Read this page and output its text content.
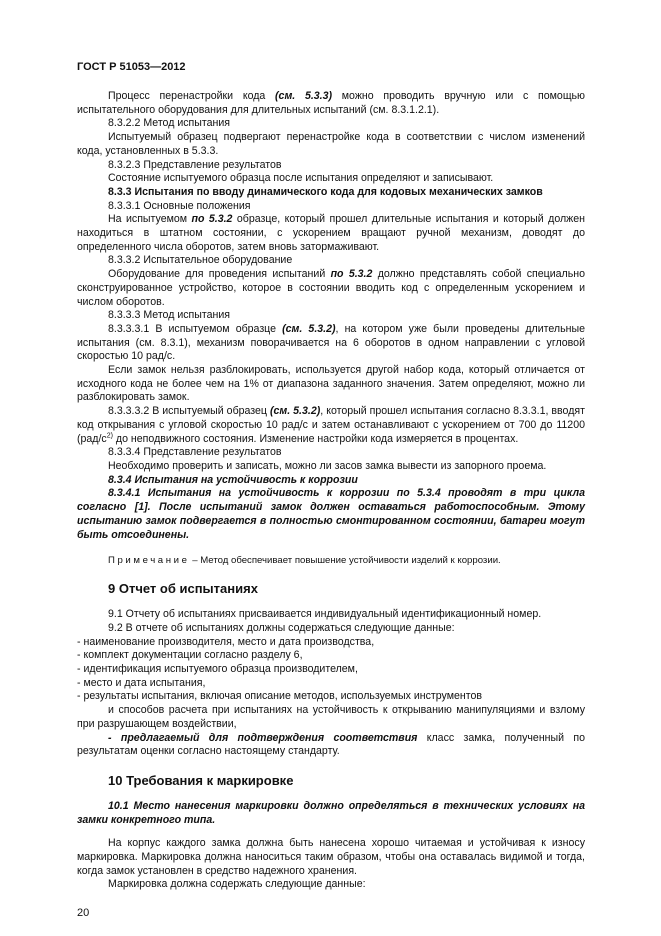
ГОСТ Р 51053—2012

Процесс перенастройки кода (см. 5.3.3) можно проводить вручную или с помощью испытательного оборудования для длительных испытаний (см. 8.3.1.2.1).

8.3.2.2 Метод испытания

Испытуемый образец подвергают перенастройке кода в соответствии с числом изменений кода, установленных в 5.3.3.

8.3.2.3 Представление результатов

Состояние испытуемого образца после испытания определяют и записывают.

8.3.3 Испытания по вводу динамического кода для кодовых механических замков

8.3.3.1 Основные положения

На испытуемом по 5.3.2 образце, который прошел длительные испытания и который должен находиться в штатном состоянии, с ускорением вращают ручной механизм, доводят до определенного числа оборотов, затем вновь затормаживают.

8.3.3.2 Испытательное оборудование

Оборудование для проведения испытаний по 5.3.2 должно представлять собой специально сконструированное устройство, которое в состоянии вводить код с определенным ускорением и числом оборотов.

8.3.3.3 Метод испытания

8.3.3.3.1 В испытуемом образце (см. 5.3.2), на котором уже были проведены длительные испытания (см. 8.3.1), механизм поворачивается на 6 оборотов в одном направлении с угловой скоростью 10 рад/с.

Если замок нельзя разблокировать, используется другой набор кода, который отличается от исходного кода не более чем на 1% от диапазона заданного значения. Затем определяют, можно ли разблокировать замок.

8.3.3.3.2 В испытуемый образец (см. 5.3.2), который прошел испытания согласно 8.3.3.1, вводят код открывания с угловой скоростью 10 рад/с и затем останавливают с ускорением от 700 до 11200 ($рад/с^{2)}$ до неподвижного состояния. Изменение настройки кода измеряется в процентах.

8.3.3.4 Представление результатов

Необходимо проверить и записать, можно ли засов замка вывести из запорного проема.

8.3.4 Испытания на устойчивость к коррозии

8.3.4.1 Испытания на устойчивость к коррозии по 5.3.4 проводят в три цикла согласно [1]. После испытаний замок должен оставаться работоспособным. Этому испытанию замок подвергается в полностью смонтированном состоянии, батареи могут быть отсоединены.

Примечание – Метод обеспечивает повышение устойчивости изделий к коррозии.

9 Отчет об испытаниях

9.1 Отчету об испытаниях присваивается индивидуальный идентификационный номер.

9.2 В отчете об испытаниях должны содержаться следующие данные:

- наименование производителя, место и дата производства,

- комплект документации согласно разделу 6,

- идентификация испытуемого образца производителем,

- место и дата испытания,

- результаты испытания, включая описание методов, используемых инструментов

и способов расчета при испытаниях на устойчивость к открыванию манипуляциями и взлому при разрушающем воздействии,

- предлагаемый для подтверждения соответствия класс замка, полученный по результатам оценки согласно настоящему стандарту.

10 Требования к маркировке

10.1 Место нанесения маркировки должно определяться в технических условиях на замки конкретного типа.

На корпус каждого замка должна быть нанесена хорошо читаемая и устойчивая к износу маркировка. Маркировка должна наноситься таким образом, чтобы она оставалась видимой и тогда, когда замок установлен в средство надежного хранения.

Маркировка должна содержать следующие данные:

20
